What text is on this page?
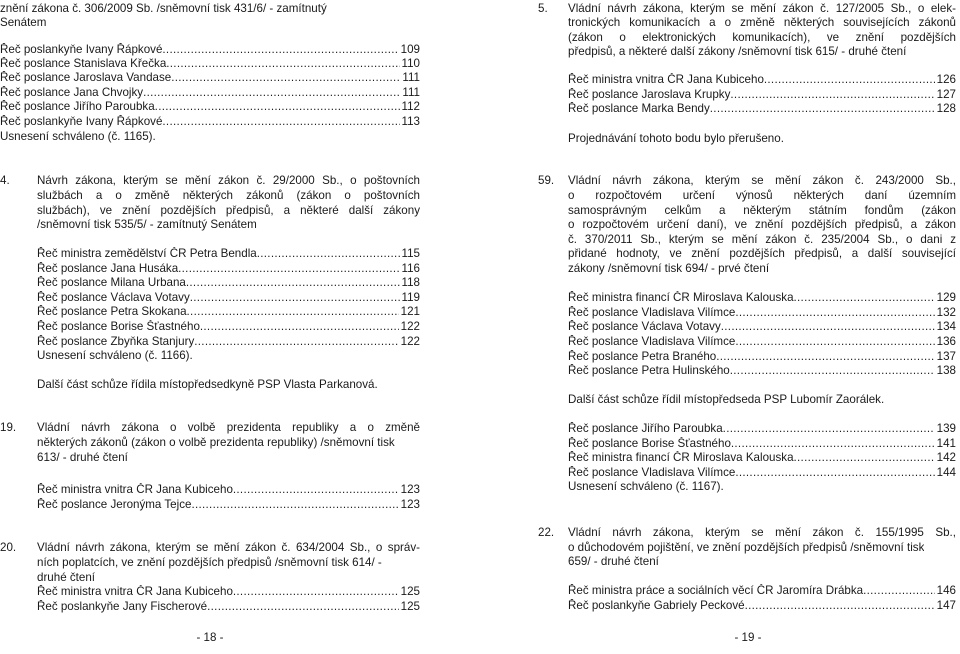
znění zákona č. 306/2009 Sb. /sněmovní tisk 431/6/ - zamítnutý
Senátem
Řeč poslankyňe Ivany Řápkové .....	109
Řeč poslance Stanislava Křečka .....	110
Řeč poslance Jaroslava Vandase .....	111
Řeč poslance Jana Chvojky .....	111
Řeč poslance Jiřího Paroubka .....	112
Řeč poslankyňe Ivany Řápkové .....	113
Usnesení schváleno (č. 1165).
4. Návrh zákona, kterým se mění zákon č. 29/2000 Sb., o poštovních
službách a o změně některých zákonů (zákon o poštovních
službách), ve znění pozdějších předpisů, a některé další zákony
/sněmovní tisk 535/5/ - zamítnutý Senátem
Řeč ministra zemědělství ČR Petra Bendla .....	115
Řeč poslance Jana Husáka .....	116
Řeč poslance Milana Urbana .....	118
Řeč poslance Václava Votavy .....	119
Řeč poslance Petra Skokana .....	121
Řeč poslance Borise Šťastného .....	122
Řeč poslance Zbyňka Stanjury .....	122
Usnesení schváleno (č. 1166).
Další část schůze řídila místopředsedkyně PSP Vlasta Parkanová.
19. Vládní návrh zákona o volbě prezidenta republiky a o změně
některých zákonů (zákon o volbě prezidenta republiky) /sněmovní tisk
613/ - druhé čtení
Řeč ministra vnitra ČR Jana Kubiceho .....	123
Řeč poslance Jeronýma Tejce .....	123
20. Vládní návrh zákona, kterým se mění zákon č. 634/2004 Sb., o správ-
ních poplatcích, ve znění pozdějších předpisů /sněmovní tisk 614/ -
druhé čtení
Řeč ministra vnitra ČR Jana Kubiceho .....	125
Řeč poslankyňe Jany Fischerové .....	125
- 18 -
5. Vládní návrh zákona, kterým se mění zákon č. 127/2005 Sb., o elek-
tronických komunikacích a o změně některých souvisejících zákonů
(zákon o elektronických komunikacích), ve znění pozdějších
předpisů, a některé další zákony /sněmovní tisk 615/ - druhé čtení
Řeč ministra vnitra ČR Jana Kubiceho .....	126
Řeč poslance Jaroslava Krupky .....	127
Řeč poslance Marka Bendy .....	128
Projednávání tohoto bodu bylo přerušeno.
59. Vládní návrh zákona, kterým se mění zákon č. 243/2000 Sb.,
o rozpočtovém určení výnosů některých daní územním
samosprávným celkům a některým státním fondům (zákon
o rozpočtovém určení daní), ve znění pozdějších předpisů, a zákon
č. 370/2011 Sb., kterým se mění zákon č. 235/2004 Sb., o dani z
přidané hodnoty, ve znění pozdějších předpisů, a další související
zákony /sněmovní tisk 694/ - prvé čtení
Řeč ministra financí ČR Miroslava Kalouska .....	129
Řeč poslance Vladislava Vilímce .....	132
Řeč poslance Václava Votavy .....	134
Řeč poslance Vladislava Vilímce .....	136
Řeč poslance Petra Braného .....	137
Řeč poslance Petra Hulinského .....	138
Další část schůze řídil místopředseda PSP Lubomír Zaorálek.
Řeč poslance Jiřího Paroubka .....	139
Řeč poslance Borise Šťastného .....	141
Řeč ministra financí ČR Miroslava Kalouska .....	142
Řeč poslance Vladislava Vilímce .....	144
Usnesení schváleno (č. 1167).
22. Vládní návrh zákona, kterým se mění zákon č. 155/1995 Sb.,
o důchodovém pojištění, ve znění pozdějších předpisů /sněmovní tisk
659/ - druhé čtení
Řeč ministra práce a sociálních věcí ČR Jaromíra Drábka .....	146
Řeč poslankyňe Gabriely Peckové .....	147
- 19 -
